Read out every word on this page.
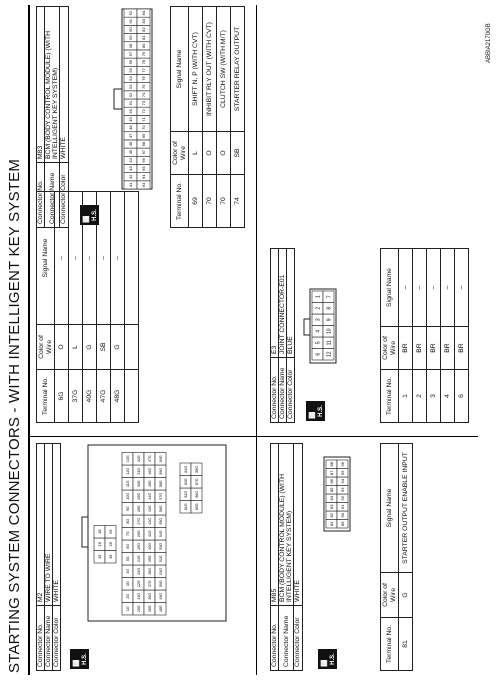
STARTING SYSTEM CONNECTORS - WITH INTELLIGENT KEY SYSTEM Connector No.	M2
Connector Name	WIRE TO WIRE
Connector Color	WHITE
▦ H.S.
15
16
18
19
25
26
1G
2G
3G
4G
5G
6G
7G
8G
9G
10G
11G
12G
13G
20G
21G
22G
23G
24G
25G
26G
27G
28G
29G
30G
31G
32G
35G
36G
37G
38G
39G
40G
41G
42G
43G
44G
45G
46G
47G
48G
49G
50G
51G
52G
53G
54G
55G
56G
57G
58G
59G
60G
81G
82G
83G
84G
85G
86G
87G
88G
Terminal No.	Color of Wire	Signal Name
6G	O	–
37G	L	–
40G	G	–
47G	SB	–
48G	G	–

Connector No.	M83
Connector Name	BCM (BODY CONTROL MODULE) (WITH INTELLIGENT KEY SYSTEM)
Connector Color	WHITE
▦ H.S.
41
42
43
44
45
46
47
48
49
50
51
52
53
54
55
56
57
58
59
60
61
62
63
64
65
66
67
68
69
70
71
72
73
74
75
76
77
78
79
80
81
82
83
84
Terminal No.	Color of Wire	Signal Name
69	L	SHIFT N, P (WITH CVT)
70	O	INHIBIT RLY OUT (WITH CVT)
70	O	CLUTCH SW (WITH M/T)
74	SB	STARTER RELAY OUTPUT
Connector No.	M85
Connector Name	BCM (BODY CONTROL MODULE) (WITH INTELLIGENT KEY SYSTEM)
Connector Color	WHITE
▦ H.S.
81
82
83
84
85
86
87
88
89
90
91
92
93
94
95
96
Terminal No.	Color of Wire	Signal Name
81	G	STARTER OUTPUT ENABLE INPUT
Connector No.	E3
Connector Name	JOINT CONNECTOR-E01
Connector Color	BLUE
▦ H.S.
6
5
4
3
2
1
12
11
10
9
8
7
Terminal No.	Color of Wire	Signal Name
1	BR	–
2	BR	–
3	BR	–
4	BR	–
6	BR	–
ABBIA2170GB
